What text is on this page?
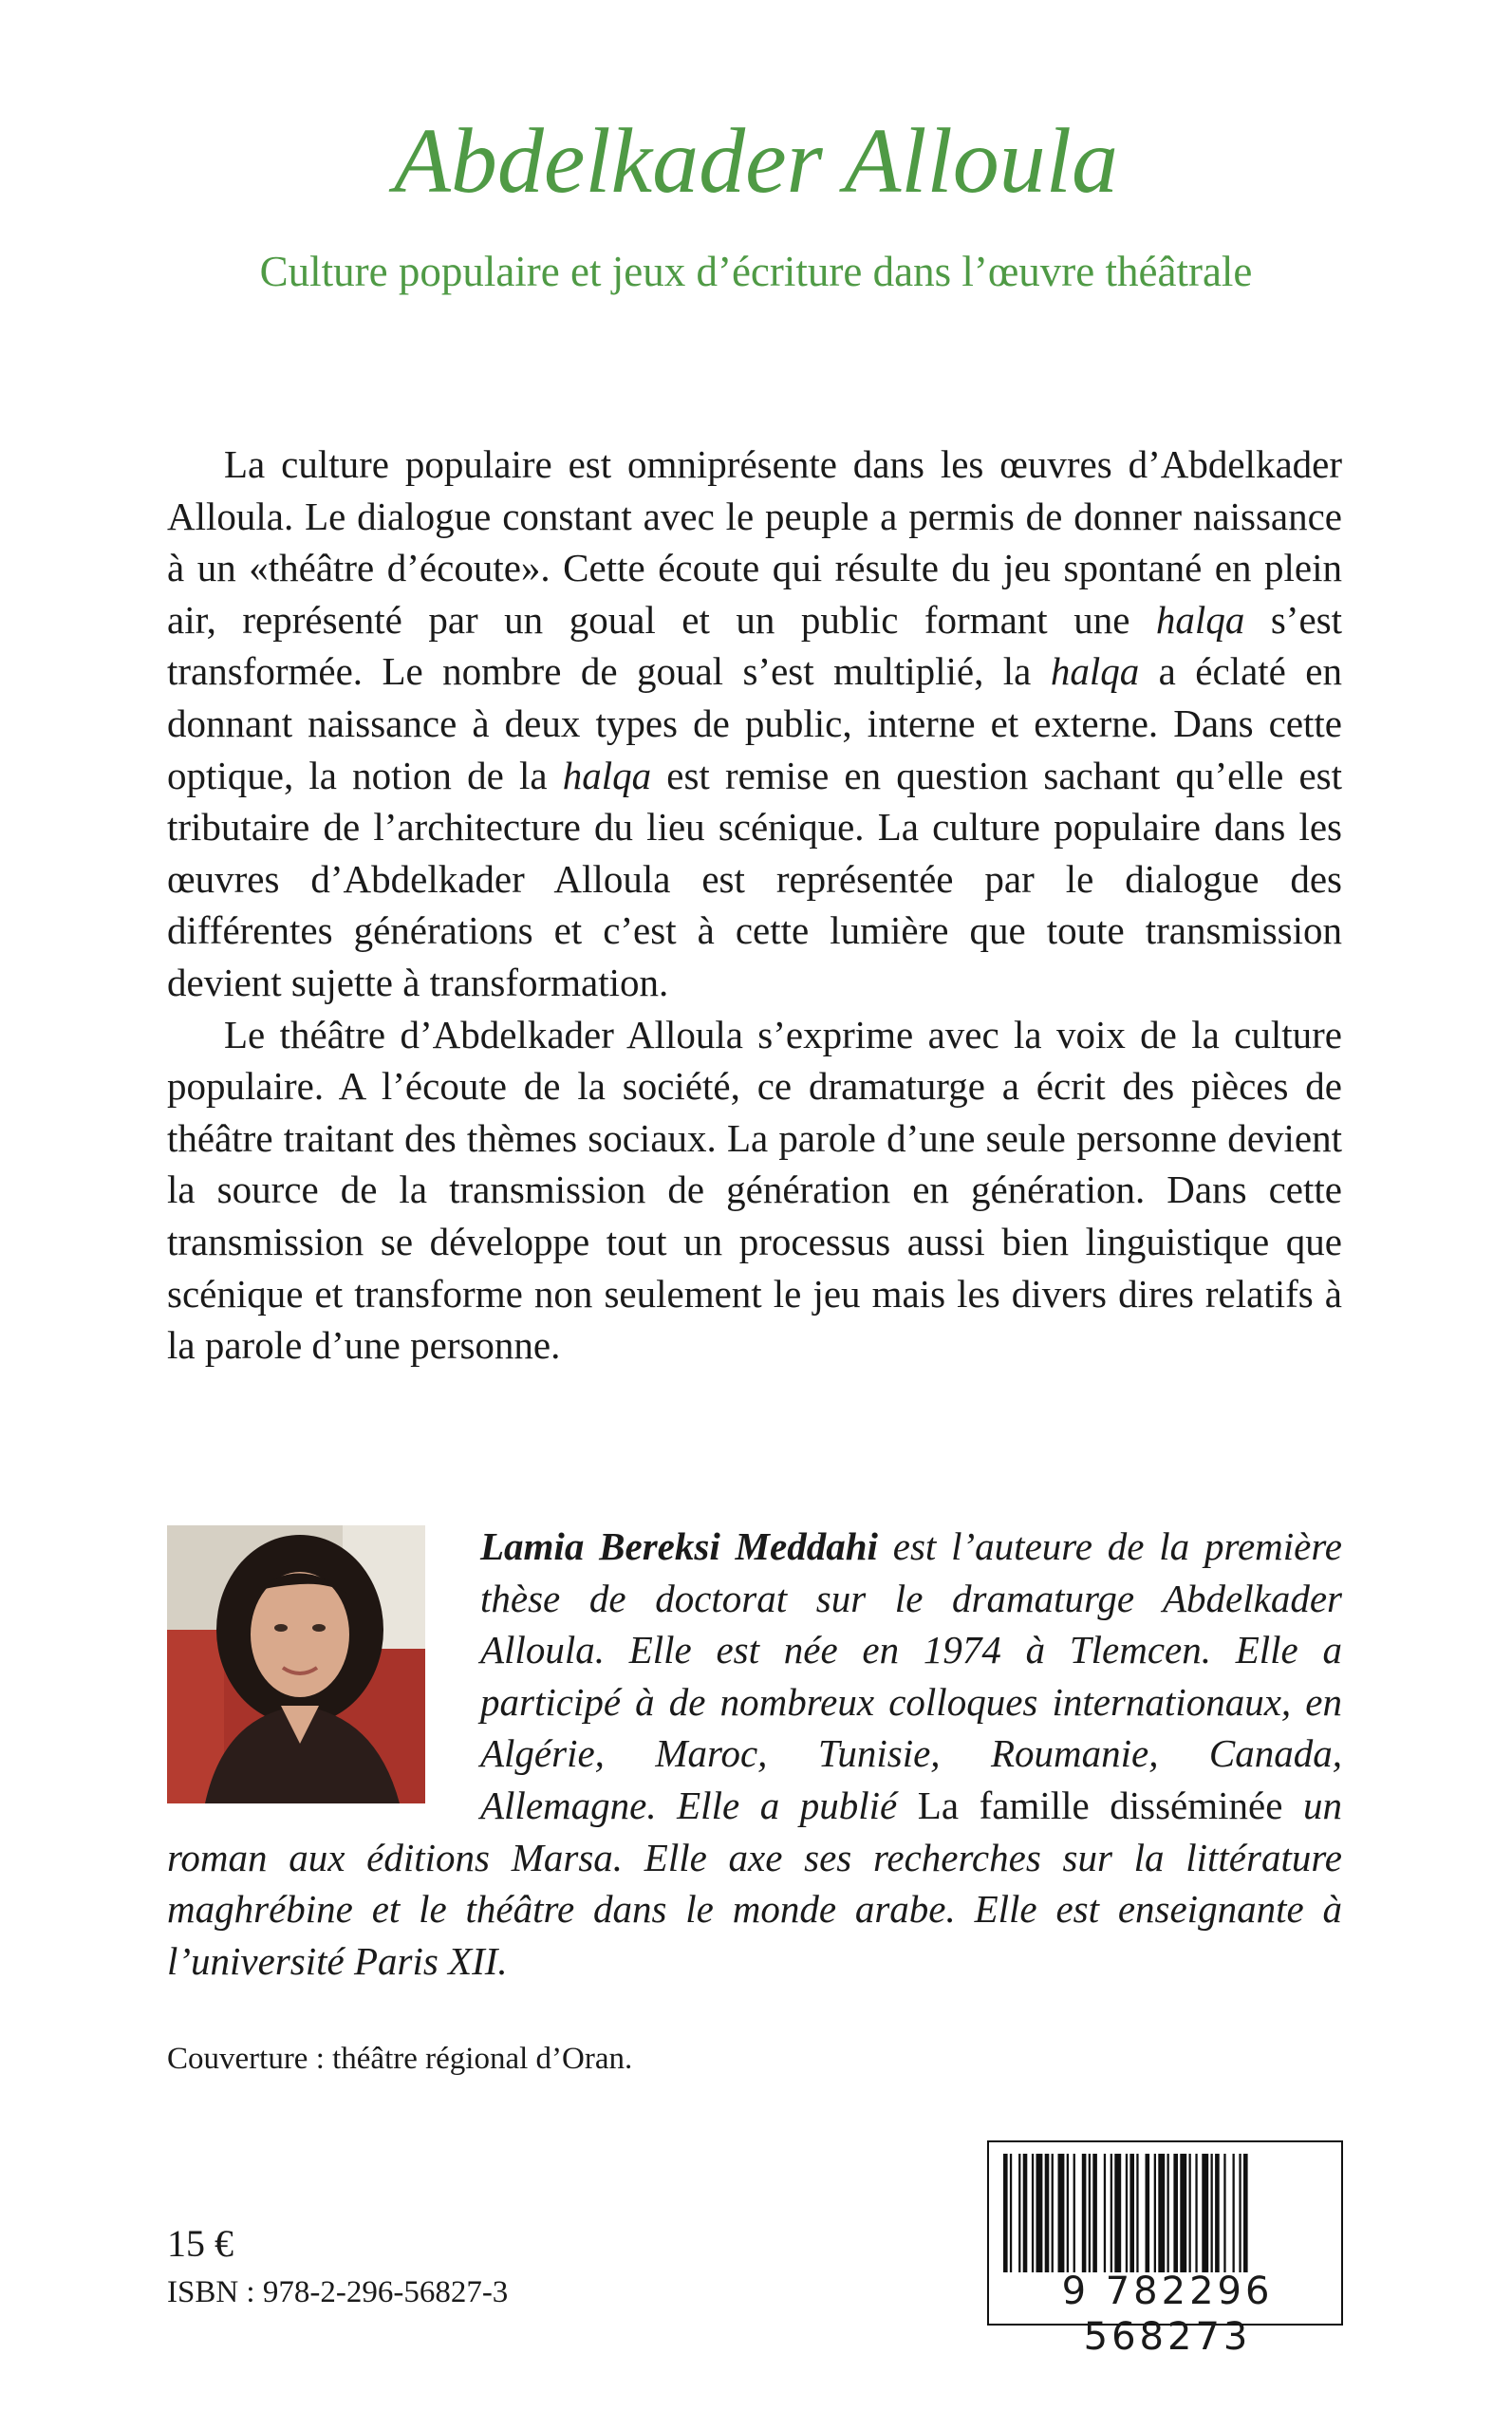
Abdelkader Alloula

Culture populaire et jeux d’écriture dans l’œuvre théâtrale

La culture populaire est omniprésente dans les œuvres d’Abdelkader Alloula. Le dialogue constant avec le peuple a permis de donner naissance à un «théâtre d’écoute». Cette écoute qui résulte du jeu spontané en plein air, représenté par un goual et un public formant une halqa s’est transformée. Le nombre de goual s’est multiplié, la halqa a éclaté en donnant naissance à deux types de public, interne et externe. Dans cette optique, la notion de la halqa est remise en question sachant qu’elle est tributaire de l’architecture du lieu scénique. La culture populaire dans les œuvres d’Abdelkader Alloula est représentée par le dialogue des différentes générations et c’est à cette lumière que toute transmission devient sujette à transformation.

Le théâtre d’Abdelkader Alloula s’exprime avec la voix de la culture populaire. A l’écoute de la société, ce dramaturge a écrit des pièces de théâtre traitant des thèmes sociaux. La parole d’une seule personne devient la source de la transmission de génération en génération. Dans cette transmission se développe tout un processus aussi bien linguistique que scénique et transforme non seulement le jeu mais les divers dires relatifs à la parole d’une personne.

Lamia Bereksi Meddahi est l’auteure de la première thèse de doctorat sur le dramaturge Abdelkader Alloula. Elle est née en 1974 à Tlemcen. Elle a participé à de nombreux colloques internationaux, en Algérie, Maroc, Tunisie, Roumanie, Canada, Allemagne. Elle a publié La famille disséminée un roman aux éditions Marsa. Elle axe ses recherches sur la littérature maghrébine et le théâtre dans le monde arabe. Elle est enseignante à l’université Paris XII.
Couverture : théâtre régional d’Oran.
15 €
ISBN : 978-2-296-56827-3	9 782296 568273
